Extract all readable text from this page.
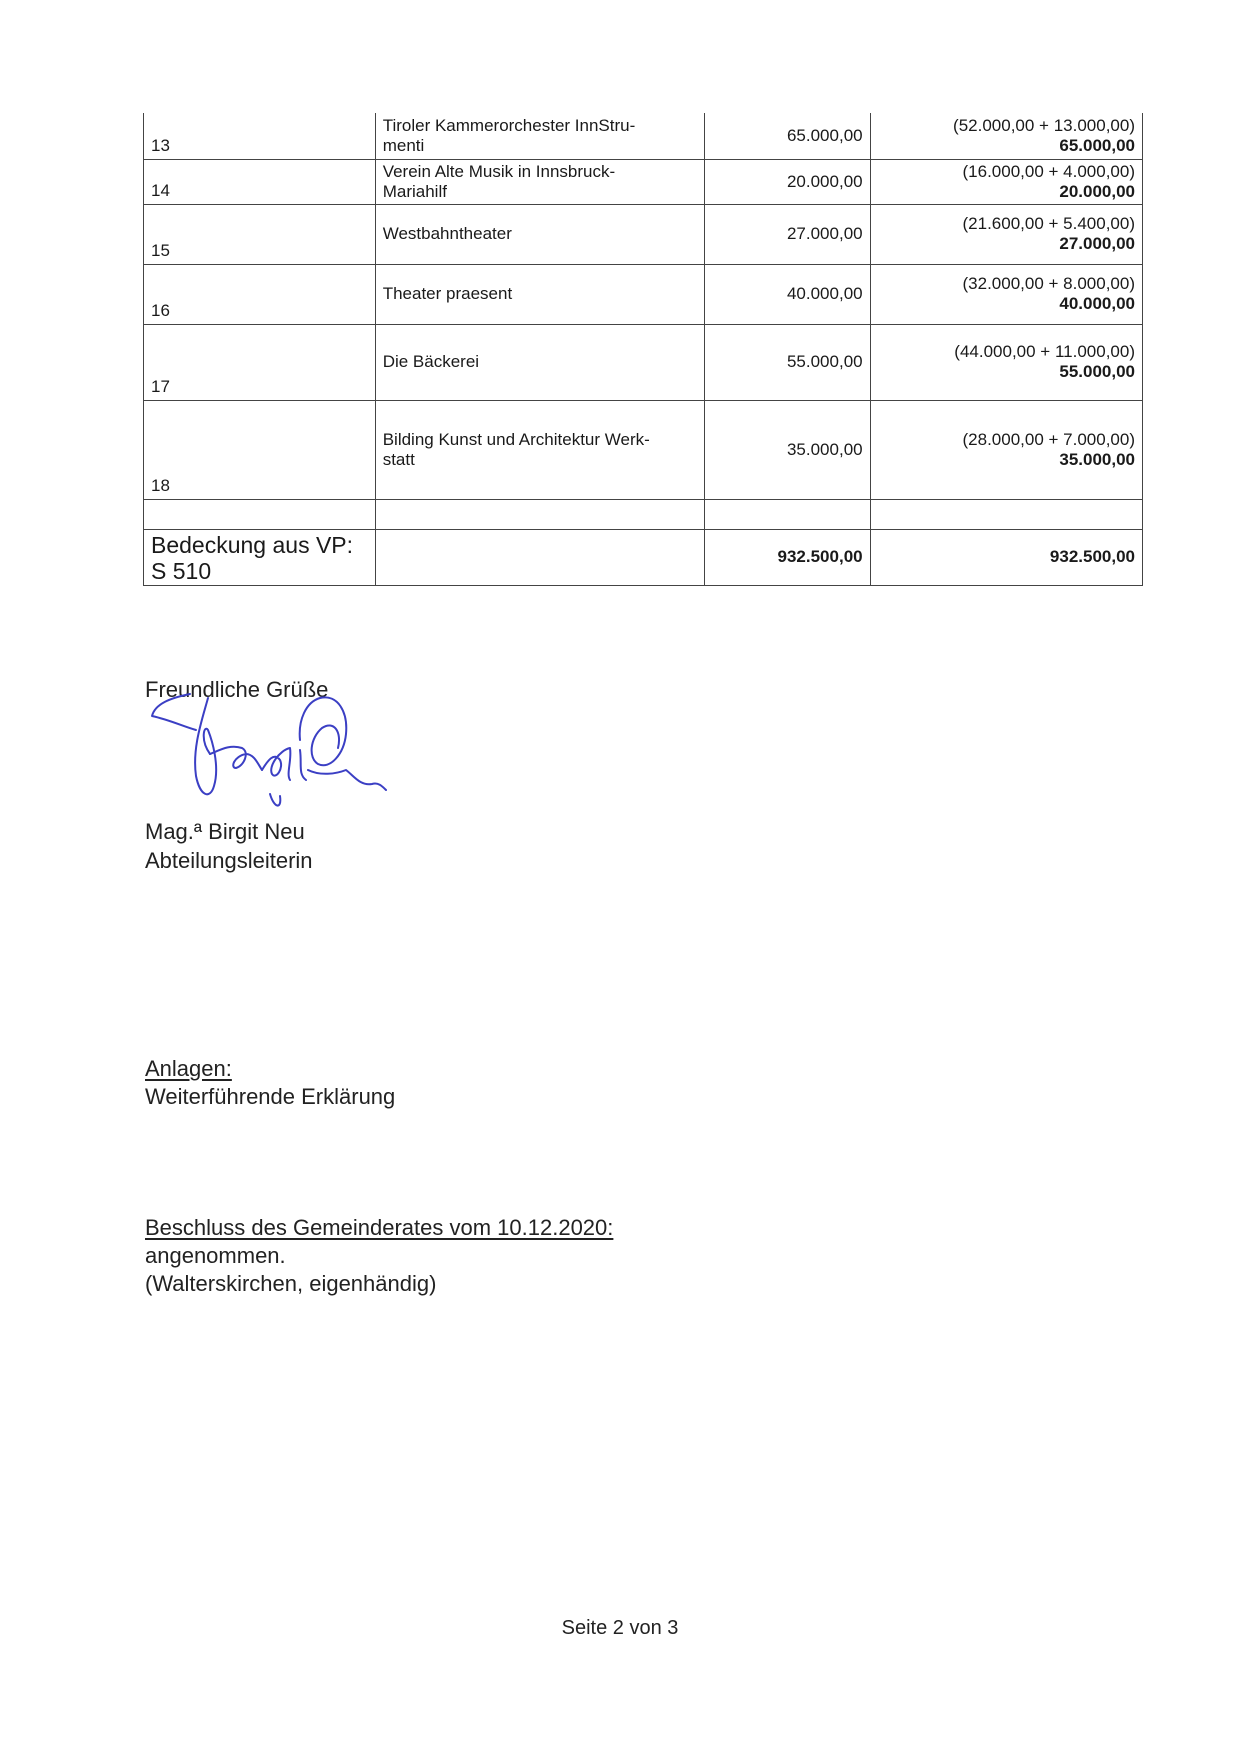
13	Tiroler Kammerorchester InnStru-
menti	65.000,00	(52.000,00 + 13.000,00)
65.000,00

14	Verein Alte Musik in Innsbruck-
Mariahilf	20.000,00	(16.000,00 + 4.000,00)
20.000,00

15	Westbahntheater	27.000,00	(21.600,00 + 5.400,00)
27.000,00

16	Theater praesent	40.000,00	(32.000,00 + 8.000,00)
40.000,00

17	Die Bäckerei	55.000,00	(44.000,00 + 11.000,00)
55.000,00

18	Bilding Kunst und Architektur Werk-
statt	35.000,00	(28.000,00 + 7.000,00)
35.000,00

Bedeckung aus VP:
S 510		932.500,00	932.500,00
Freundliche Grüße
Mag.ª Birgit Neu
Abteilungsleiterin
Anlagen:
Weiterführende Erklärung
Beschluss des Gemeinderates vom 10.12.2020:
angenommen.
(Walterskirchen, eigenhändig)
Seite 2 von 3
